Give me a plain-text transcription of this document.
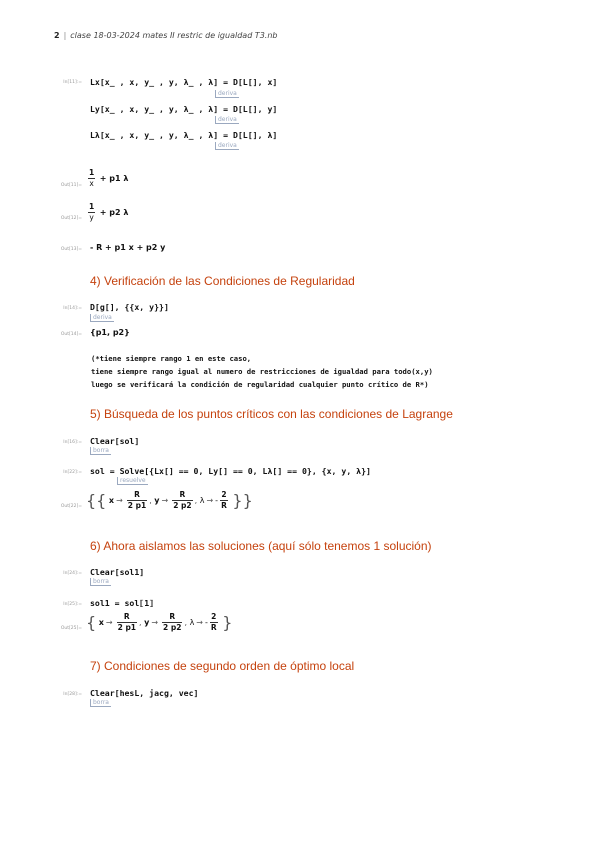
2 | clase 18-03-2024 mates II restric de igualdad T3.nb
In[11]:= Lx[x_ , x, y_ , y, λ_ , λ] = D[L[], x]
deriva
Ly[x_ , x, y_ , y, λ_ , λ] = D[L[], y]
deriva
Lλ[x_ , x, y_ , y, λ_ , λ] = D[L[], λ]
deriva
$Out[11]= \frac{1}{x} + p1$ λ
$Out[12]= \frac{1}{y} + p2$ λ
Out[13]= - R + p1 x + p2 y
4) Verificación de las Condiciones de Regularidad
In[14]:= D[g[], {{x, y}}]
deriva
Out[14]= {p1, p2}
(*tiene siempre rango 1 en este caso,
tiene siempre rango igual al numero de restricciones de igualdad para todo(x,y)
luego se verificará la condición de regularidad cualquier punto crítico de R*)
5) Búsqueda de los puntos críticos con las condiciones de Lagrange
In[16]:= Clear[sol]
borra
In[22]:= sol = Solve[{Lx[] == 0, Ly[] == 0, Lλ[] == 0}, {x, y, λ}]
resuelve
Out[22]= {{ $x \to \frac{R}{2 p1}$ , $y \to \frac{R}{2 p2}$ , λ → - $\frac{2}{R}$ }}
6) Ahora aislamos las soluciones (aquí sólo tenemos 1 solución)
In[24]:= Clear[sol1]
borra
In[25]:= sol1 = sol⟦1⟧
Out[25]= { $x \to \frac{R}{2 p1}$ , $y \to \frac{R}{2 p2}$ , λ → - $\frac{2}{R}$ }
7) Condiciones de segundo orden de óptimo local
In[28]:= Clear[hesL, jacg, vec]
borra
